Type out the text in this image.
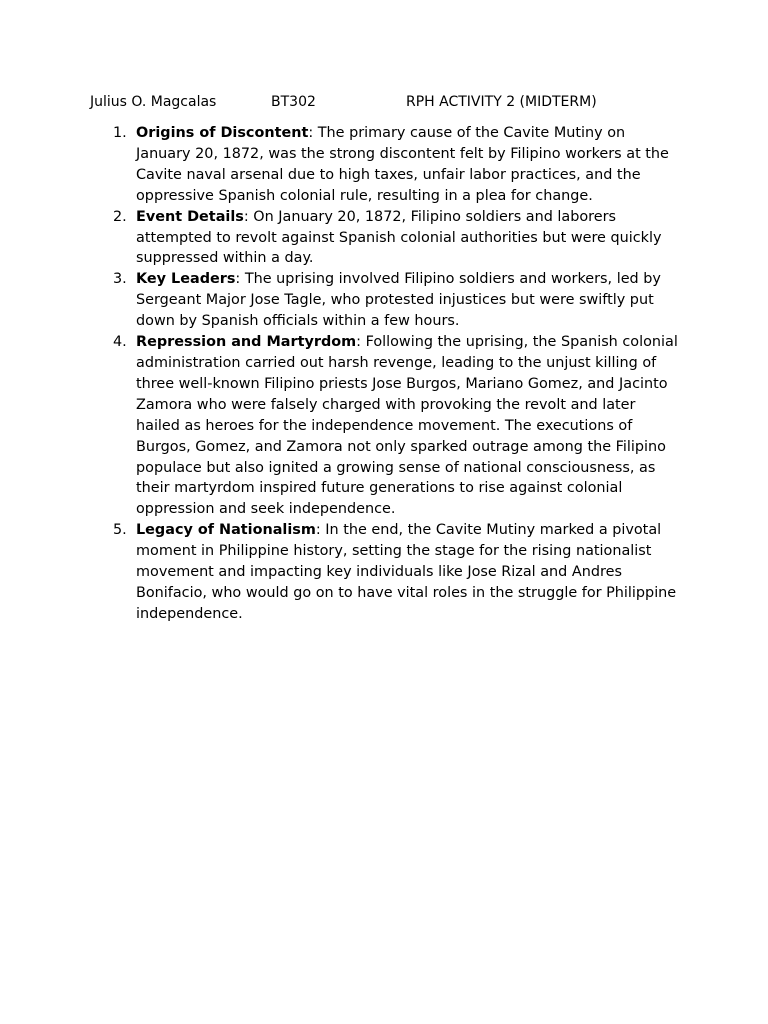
Julius O. Magcalas	BT302	RPH ACTIVITY 2 (MIDTERM)
1. Origins of Discontent: The primary cause of the Cavite Mutiny on January 20, 1872, was the strong discontent felt by Filipino workers at the Cavite naval arsenal due to high taxes, unfair labor practices, and the oppressive Spanish colonial rule, resulting in a plea for change.
2. Event Details: On January 20, 1872, Filipino soldiers and laborers attempted to revolt against Spanish colonial authorities but were quickly suppressed within a day.
3. Key Leaders: The uprising involved Filipino soldiers and workers, led by Sergeant Major Jose Tagle, who protested injustices but were swiftly put down by Spanish officials within a few hours.
4. Repression and Martyrdom: Following the uprising, the Spanish colonial administration carried out harsh revenge, leading to the unjust killing of three well-known Filipino priests Jose Burgos, Mariano Gomez, and Jacinto Zamora who were falsely charged with provoking the revolt and later hailed as heroes for the independence movement. The executions of Burgos, Gomez, and Zamora not only sparked outrage among the Filipino populace but also ignited a growing sense of national consciousness, as their martyrdom inspired future generations to rise against colonial oppression and seek independence.
5. Legacy of Nationalism: In the end, the Cavite Mutiny marked a pivotal moment in Philippine history, setting the stage for the rising nationalist movement and impacting key individuals like Jose Rizal and Andres Bonifacio, who would go on to have vital roles in the struggle for Philippine independence.
